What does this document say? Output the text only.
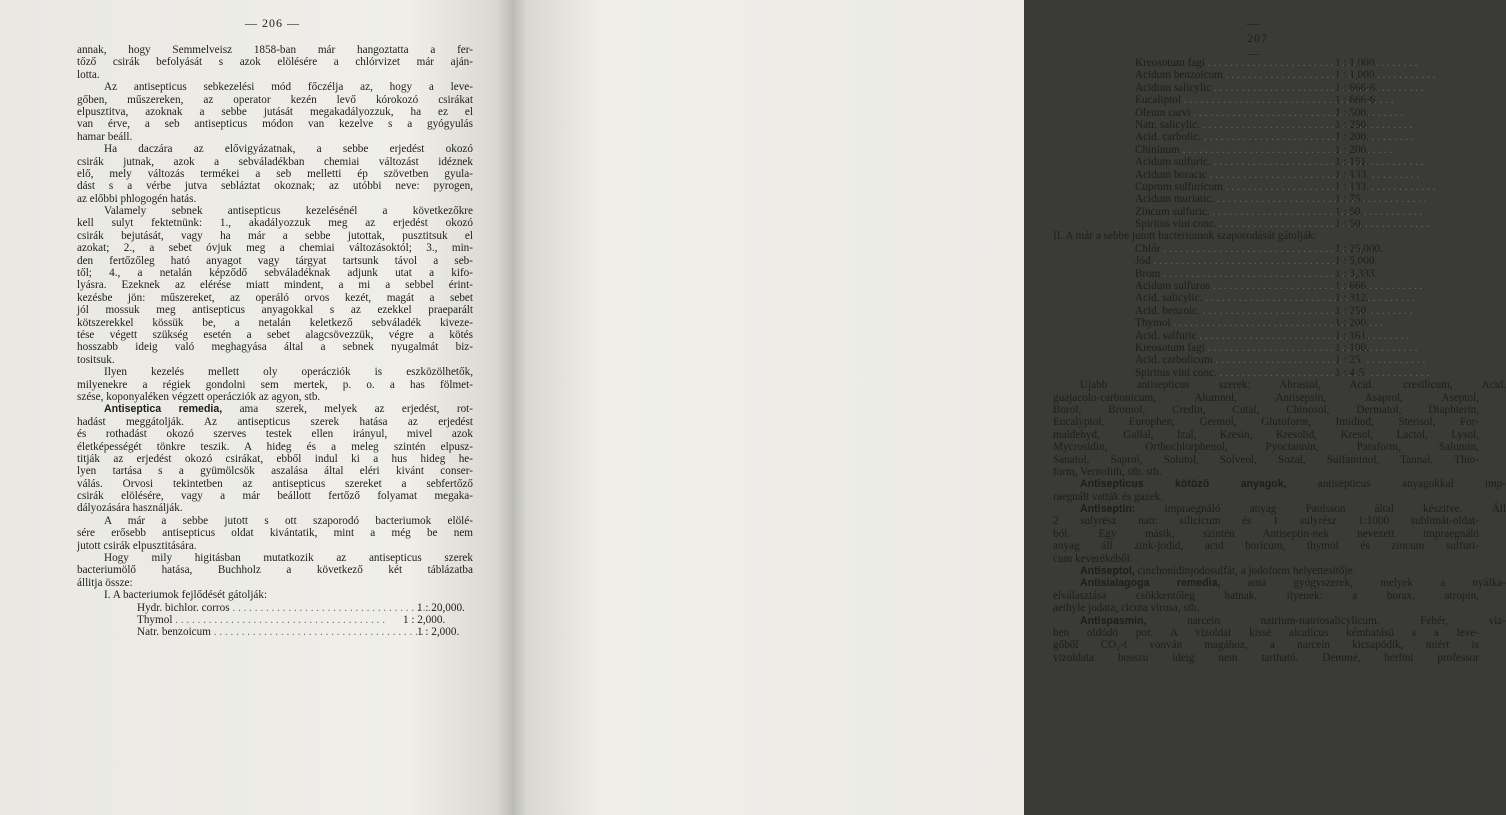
— 206 —
annak, hogy Semmelveisz 1858-ban már hangoztatta a fer-
tőző csirák befolyását s azok elölésére a chlórvizet már aján-
lotta.
Az antisepticus sebkezelési mód főczélja az, hogy a leve-
gőben, műszereken, az operator kezén levő kórokozó csirákat
elpusztitva, azoknak a sebbe jutását megakadályozzuk, ha ez el
van érve, a seb antisepticus módon van kezelve s a gyógyulás
hamar beáll.
Ha daczára az elővigyázatnak, a sebbe erjedést okozó
csirák jutnak, azok a sebváladékban chemiai változást idéznek
elő, mely változás termékei a seb melletti ép szövetben gyula-
dást s a vérbe jutva sebláztat okoznak; az utóbbi neve: pyrogen,
az előbbi phlogogén hatás.
Valamely sebnek antisepticus kezelésénél a következőkre
kell sulyt fektetnünk: 1., akadályozzuk meg az erjedést okozó
csirák bejutását, vagy ha már a sebbe jutottak, pusztitsuk el
azokat; 2., a sebet óvjuk meg a chemiai változásoktól; 3., min-
den fertőzőleg ható anyagot vagy tárgyat tartsunk távol a seb-
től; 4., a netalán képződő sebváladéknak adjunk utat a kifo-
lyásra. Ezeknek az elérése miatt mindent, a mi a sebbel érint-
kezésbe jön: műszereket, az operáló orvos kezét, magát a sebet
jól mossuk meg antisepticus anyagokkal s az ezekkel praeparált
kötszerekkel kössük be, a netalán keletkező sebváladék kiveze-
tése végett szükség esetén a sebet alagcsövezzük, végre a kötés
hosszabb ideig való meghagyása által a sebnek nyugalmát biz-
tositsuk.
Ilyen kezelés mellett oly operácziók is eszközölhetők,
milyenekre a régiek gondolni sem mertek, p. o. a has fölmet-
szése, koponyaléken végzett operácziók az agyon, stb.
Antiseptica remedia, ama szerek, melyek az erjedést, rot-
hadást meggátolják. Az antisepticus szerek hatása az erjedést
és rothadást okozó szerves testek ellen irányul, mivel azok
életképességét tönkre teszik. A hideg és a meleg szintén elpusz-
titják az erjedést okozó csirákat, ebből indul ki a hus hideg he-
lyen tartása s a gyümölcsök aszalása által eléri kivánt conser-
válás. Orvosi tekintetben az antisepticus szereket a sebfertőző
csirák elölésére, vagy a már beállott fertőző folyamat megaka-
dályozására használják.
A már a sebbe jutott s ott szaporodó bacteriumok elölé-
sére erősebb antisepticus oldat kivántatik, mint a még be nem
jutott csirák elpusztitására.
Hogy mily higitásban mutatkozik az antisepticus szerek
bacteriumölő hatása, Buchholz a következő két táblázatba
állitja össze:
I. A bacteriumok fejlődését gátolják:
Hydr. bichlor. corros . . .	1 : 20,000.
Thymol . . .	1 : 2,000.
Natr. benzoicum . . .	1 : 2,000.
— 207 —
Kreosotum fagi . . .	1 : 1,000.
Acidum benzoicum . . .	1 : 1,000.
Acidum salicylic . . .	1 : 666·6.
Eucaliptol . . .	1 : 666·6
Oleum carvi . . .	1 : 500.
Natr. salicylic. . . .	1 : 250.
Acid. carbolic. . . .	1 : 200.
Chininum . . .	1 : 200.
Acidum sulfuric. . . .	1 : 151.
Acidum boracic . . .	1 : 133.
Cuprum sulfuricum . . .	1 : 133.
Acidum muriatic. . . .	1 : 75.
Zincum sulfuric. . . .	1 : 50.
Spiritus vini conc. . . .	1 : 50.
II. A már a sebbe jutott bacteriumok szaporodását gátolják:
Chlór . . .	1 : 25,000.
Jód . . .	1 : 5,000.
Brom . . .	1 : 3,333.
Acidum sulfuros . . .	1 : 666.
Acid. salicylic. . . .	1 : 312.
Acid. benzoic. . . .	1 : 250.
Thymol . . .	1 : 200.
Acid. sulfuric . . .	1 : 161.
Kreosotum fagi . . .	1 : 100.
Acid. carbolicum . . .	1 : 25.
Spiritus vini conc. . . .	1 : 4·5.
Ujabb antisepticus szerek: Abrastol, Acid. cresilicum, Acid.
guajacolo-carbonicum, Alumnol, Antisepsin, Asaprol, Aseptol,
Borol, Bromol, Credin, Cutal, Chinosol, Dermatol, Diaphterin,
Eucalyptol, Europhen, Germol, Glutoform, Imidiod, Sterisol, For-
maldehyd, Gallal, Izal, Kresin, Kresolid, Kresol, Lactol, Lysol,
Mycrosidin, Orthochlorphenol, Pyoctannin, Paraform, Salumin,
Sanatol, Saprol, Solutol, Solveol, Sozal, Sulfaminol, Tannal, Thio-
form, Vernolith, stb. stb.
Antisepticus kötöző anyagok, antisepticus anyagokkal imp-
raegnált vatták és gazek.
Antiseptin: impraegnáló anyag Paulsson által készitve. Áll
2 sulyrész natr. silicicum és 1 sulyrész 1:1000 sublimát-oldat-
ból. Egy másik, szintén Antiseptin-nek nevezett impraegnáló
anyag áll zink-jodid, acid boricum, thymol és zincum sulfuri-
cum keverékéből.
Antiseptol, cinchonidinjodosulfát, a jodoform helyettesitője.
Antisialagoga remedia, ama gyógyszerek, melyek a nyálka-
elválasztása csökkentőleg hatnak, ilyenek: a borax, atropin,
aethyle jodata, cicuta virosa, stb.
Antispasmin, narcein natrium-natriosalicylicum. Fehér, viz-
ben oldódó por. A vizoldat kissé alcalicus kémhatású s a leve-
gőből CO₂-t vonván magához, a narcein kicsapódik, miért is
vizoldata hosszu ideig nem tartható. Demme, berlini professor
